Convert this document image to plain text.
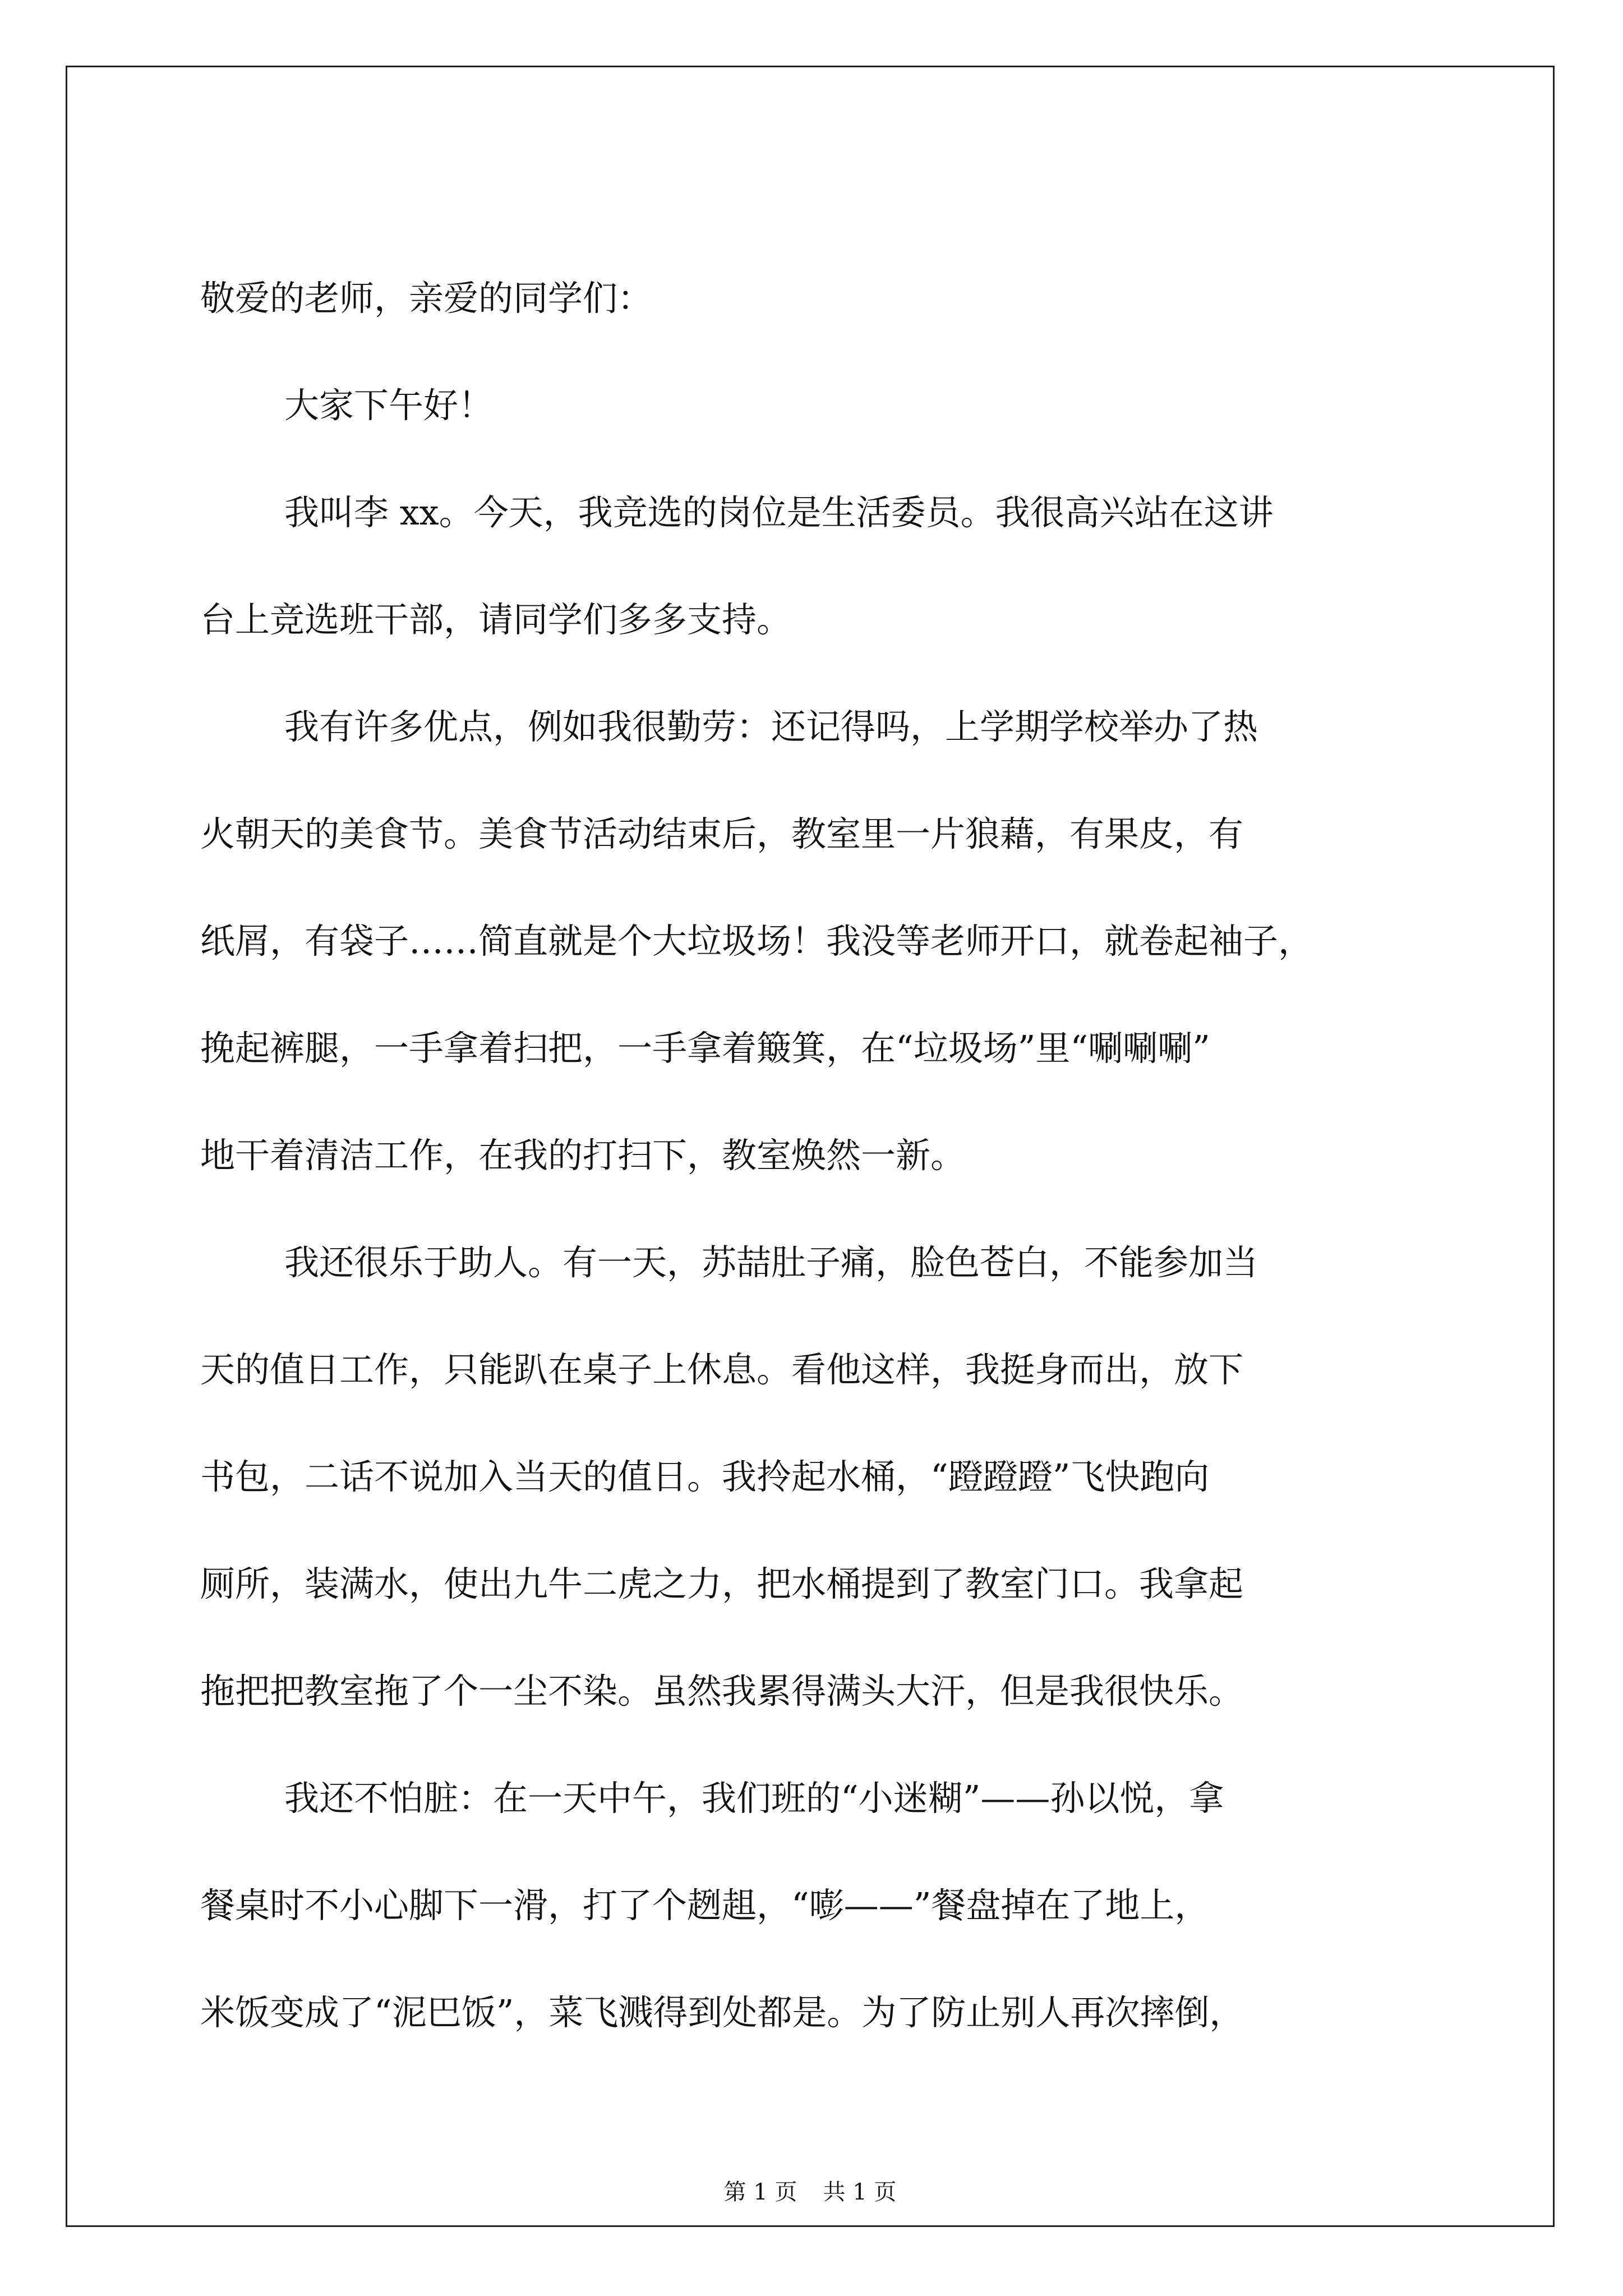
敬爱的老师，亲爱的同学们：
大家下午好！
我叫李 xx。今天，我竞选的岗位是生活委员。我很高兴站在这讲
台上竞选班干部，请同学们多多支持。
我有许多优点，例如我很勤劳：还记得吗，上学期学校举办了热
火朝天的美食节。美食节活动结束后，教室里一片狼藉，有果皮，有
纸屑，有袋子……简直就是个大垃圾场！我没等老师开口，就卷起袖子，
挽起裤腿，一手拿着扫把，一手拿着簸箕，在“垃圾场”里“唰唰唰”
地干着清洁工作，在我的打扫下，教室焕然一新。
我还很乐于助人。有一天，苏喆肚子痛，脸色苍白，不能参加当
天的值日工作，只能趴在桌子上休息。看他这样，我挺身而出，放下
书包，二话不说加入当天的值日。我拎起水桶，“蹬蹬蹬”飞快跑向
厕所，装满水，使出九牛二虎之力，把水桶提到了教室门口。我拿起
拖把把教室拖了个一尘不染。虽然我累得满头大汗，但是我很快乐。
我还不怕脏：在一天中午，我们班的“小迷糊”——孙以悦，拿
餐桌时不小心脚下一滑，打了个趔趄，“嘭——”餐盘掉在了地上，
米饭变成了“泥巴饭”，菜飞溅得到处都是。为了防止别人再次摔倒，
第 1 页 共 1 页
